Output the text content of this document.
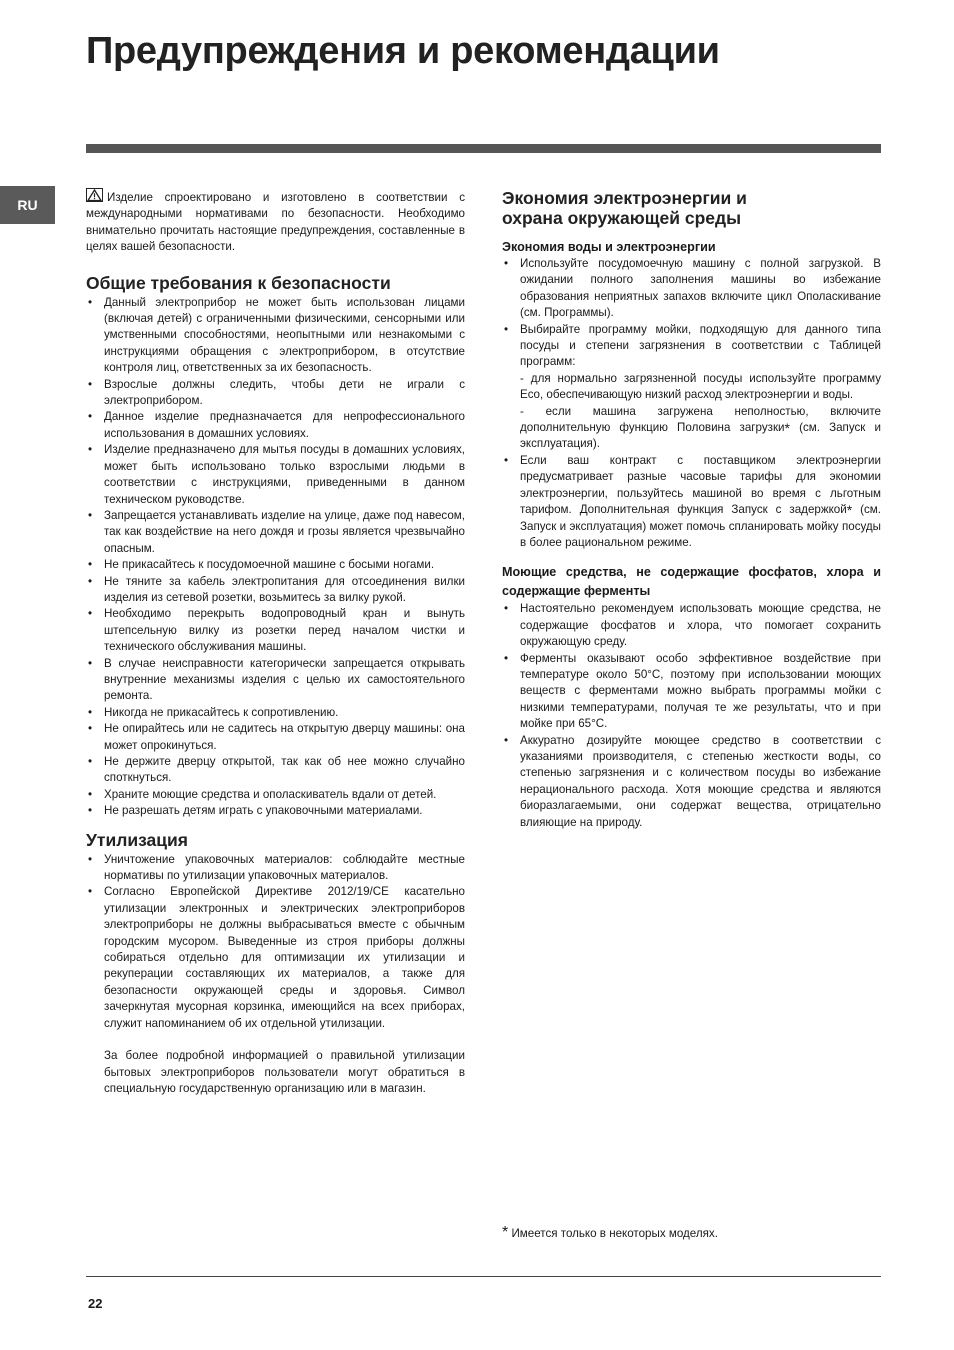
Предупреждения и рекомендации
RU	Изделие спроектировано и изготовлено в соответствии с международными нормативами по безопасности. Необходимо внимательно прочитать настоящие предупреждения, составленные в целях вашей безопасности.

Общие требования к безопасности
• Данный электроприбор не может быть использован лицами (включая детей) с ограниченными физическими, сенсорными или умственными способностями, неопытными или незнакомыми с инструкциями обращения с электроприбором, в отсутствие контроля лиц, ответственных за их безопасность.
• Взрослые должны следить, чтобы дети не играли с электроприбором.
• Данное изделие предназначается для непрофессионального использования в домашних условиях.
• Изделие предназначено для мытья посуды в домашних условиях, может быть использовано только взрослыми людьми в соответствии с инструкциями, приведенными в данном техническом руководстве.
• Запрещается устанавливать изделие на улице, даже под навесом, так как воздействие на него дождя и грозы является чрезвычайно опасным.
• Не прикасайтесь к посудомоечной машине с босыми ногами.
• Не тяните за кабель электропитания для отсоединения вилки изделия из сетевой розетки, возьмитесь за вилку рукой.
• Необходимо перекрыть водопроводный кран и вынуть штепсельную вилку из розетки перед началом чистки и технического обслуживания машины.
• В случае неисправности категорически запрещается открывать внутренние механизмы изделия с целью их самостоятельного ремонта.
• Никогда не прикасайтесь к сопротивлению.
• Не опирайтесь или не садитесь на открытую дверцу машины: она может опрокинуться.
• Не держите дверцу открытой, так как об нее можно случайно споткнуться.
• Храните моющие средства и ополаскиватель вдали от детей.
• Не разрешать детям играть с упаковочными материалами.
Утилизация
• Уничтожение упаковочных материалов: соблюдайте местные нормативы по утилизации упаковочных материалов.
• Согласно Европейской Директиве 2012/19/CE касательно утилизации электронных и электрических электроприборов электроприборы не должны выбрасываться вместе с обычным городским мусором. Выведенные из строя приборы должны собираться отдельно для оптимизации их утилизации и рекуперации составляющих их материалов, а также для безопасности окружающей среды и здоровья. Символ зачеркнутая мусорная корзинка, имеющийся на всех приборах, служит напоминанием об их отдельной утилизации.

За более подробной информацией о правильной утилизации бытовых электроприборов пользователи могут обратиться в специальную государственную организацию или в магазин.

Экономия электроэнергии и
охрана окружающей среды
Экономия воды и электроэнергии
• Используйте посудомоечную машину с полной загрузкой. В ожидании полного заполнения машины во избежание образования неприятных запахов включите цикл Ополаскивание (см. Программы).
• Выбирайте программу мойки, подходящую для данного типа посуды и степени загрязнения в соответствии с Таблицей программ:
- для нормально загрязненной посуды используйте программу Eco, обеспечивающую низкий расход электроэнергии и воды.
- если машина загружена неполностью, включите дополнительную функцию Половина загрузки* (см. Запуск и эксплуатация).
• Если ваш контракт с поставщиком электроэнергии предусматривает разные часовые тарифы для экономии электроэнергии, пользуйтесь машиной во время с льготным тарифом. Дополнительная функция Запуск с задержкой* (см. Запуск и эксплуатация) может помочь спланировать мойку посуды в более рациональном режиме.
Моющие средства, не содержащие фосфатов, хлора и содержащие ферменты
• Настоятельно рекомендуем использовать моющие средства, не содержащие фосфатов и хлора, что помогает сохранить окружающую среду.
• Ферменты оказывают особо эффективное воздействие при температуре около 50°C, поэтому при использовании моющих веществ с ферментами можно выбрать программы мойки с низкими температурами, получая те же результаты, что и при мойке при 65°C.
• Аккуратно дозируйте моющее средство в соответствии с указаниями производителя, с степенью жесткости воды, со степенью загрязнения и с количеством посуды во избежание нерационального расхода. Хотя моющие средства и являются биоразлагаемыми, они содержат вещества, отрицательно влияющие на природу.
* Имеется только в некоторых моделях.
22
